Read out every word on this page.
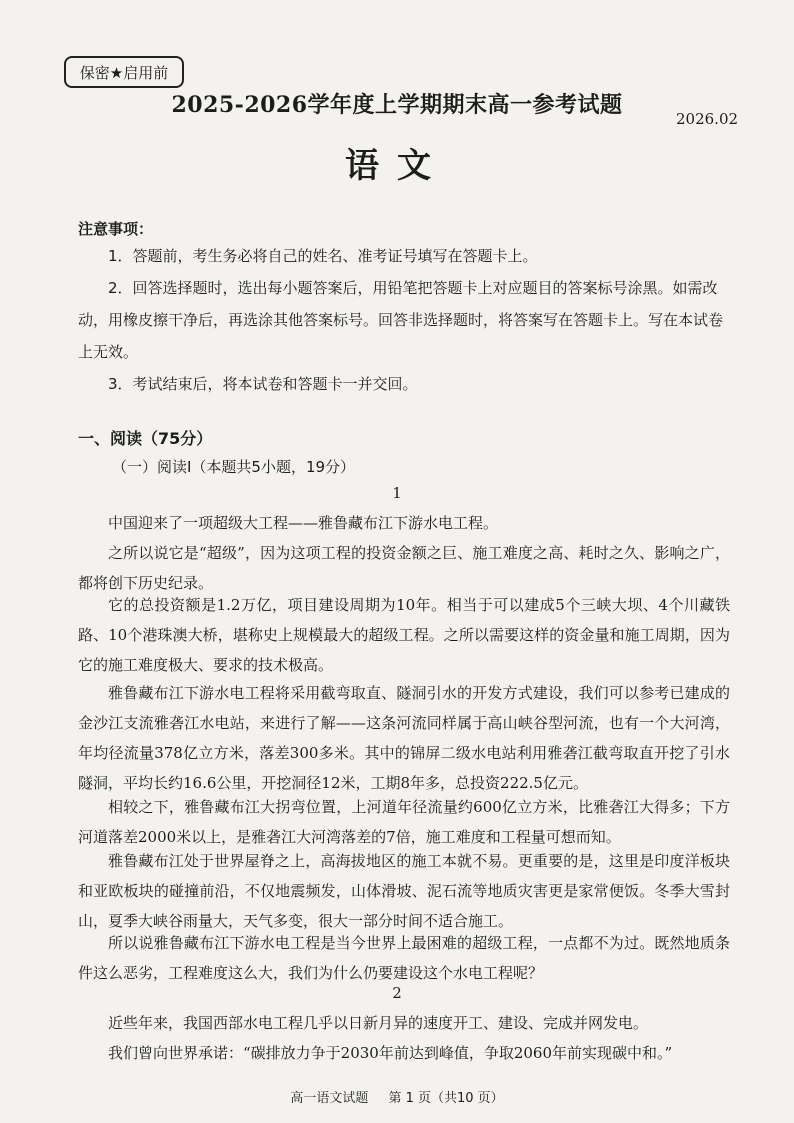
保密★启用前
2025-2026学年度上学期期末高一参考试题
2026.02
语文
注意事项：
1．答题前，考生务必将自己的姓名、准考证号填写在答题卡上。
2．回答选择题时，选出每小题答案后，用铅笔把答题卡上对应题目的答案标号涂黑。如需改动，用橡皮擦干净后，再选涂其他答案标号。回答非选择题时，将答案写在答题卡上。写在本试卷上无效。
3．考试结束后，将本试卷和答题卡一并交回。
一、阅读（75分）
（一）阅读Ⅰ（本题共5小题，19分）
1
中国迎来了一项超级大工程——雅鲁藏布江下游水电工程。
之所以说它是“超级”，因为这项工程的投资金额之巨、施工难度之高、耗时之久、影响之广，都将创下历史纪录。
它的总投资额是1.2万亿，项目建设周期为10年。相当于可以建成5个三峡大坝、4个川藏铁路、10个港珠澳大桥，堪称史上规模最大的超级工程。之所以需要这样的资金量和施工周期，因为它的施工难度极大、要求的技术极高。
雅鲁藏布江下游水电工程将采用截弯取直、隧洞引水的开发方式建设，我们可以参考已建成的金沙江支流雅砻江水电站，来进行了解——这条河流同样属于高山峡谷型河流，也有一个大河湾，年均径流量378亿立方米，落差300多米。其中的锦屏二级水电站利用雅砻江截弯取直开挖了引水隧洞，平均长约16.6公里，开挖洞径12米，工期8年多，总投资222.5亿元。
相较之下，雅鲁藏布江大拐弯位置，上河道年径流量约600亿立方米，比雅砻江大得多；下方河道落差2000米以上，是雅砻江大河湾落差的7倍，施工难度和工程量可想而知。
雅鲁藏布江处于世界屋脊之上，高海拔地区的施工本就不易。更重要的是，这里是印度洋板块和亚欧板块的碰撞前沿，不仅地震频发，山体滑坡、泥石流等地质灾害更是家常便饭。冬季大雪封山，夏季大峡谷雨量大，天气多变，很大一部分时间不适合施工。
所以说雅鲁藏布江下游水电工程是当今世界上最困难的超级工程，一点都不为过。既然地质条件这么恶劣，工程难度这么大，我们为什么仍要建设这个水电工程呢？
2
近些年来，我国西部水电工程几乎以日新月异的速度开工、建设、完成并网发电。
我们曾向世界承诺：“碳排放力争于2030年前达到峰值，争取2060年前实现碳中和。”
高一语文试题 第 1 页（共10 页）
